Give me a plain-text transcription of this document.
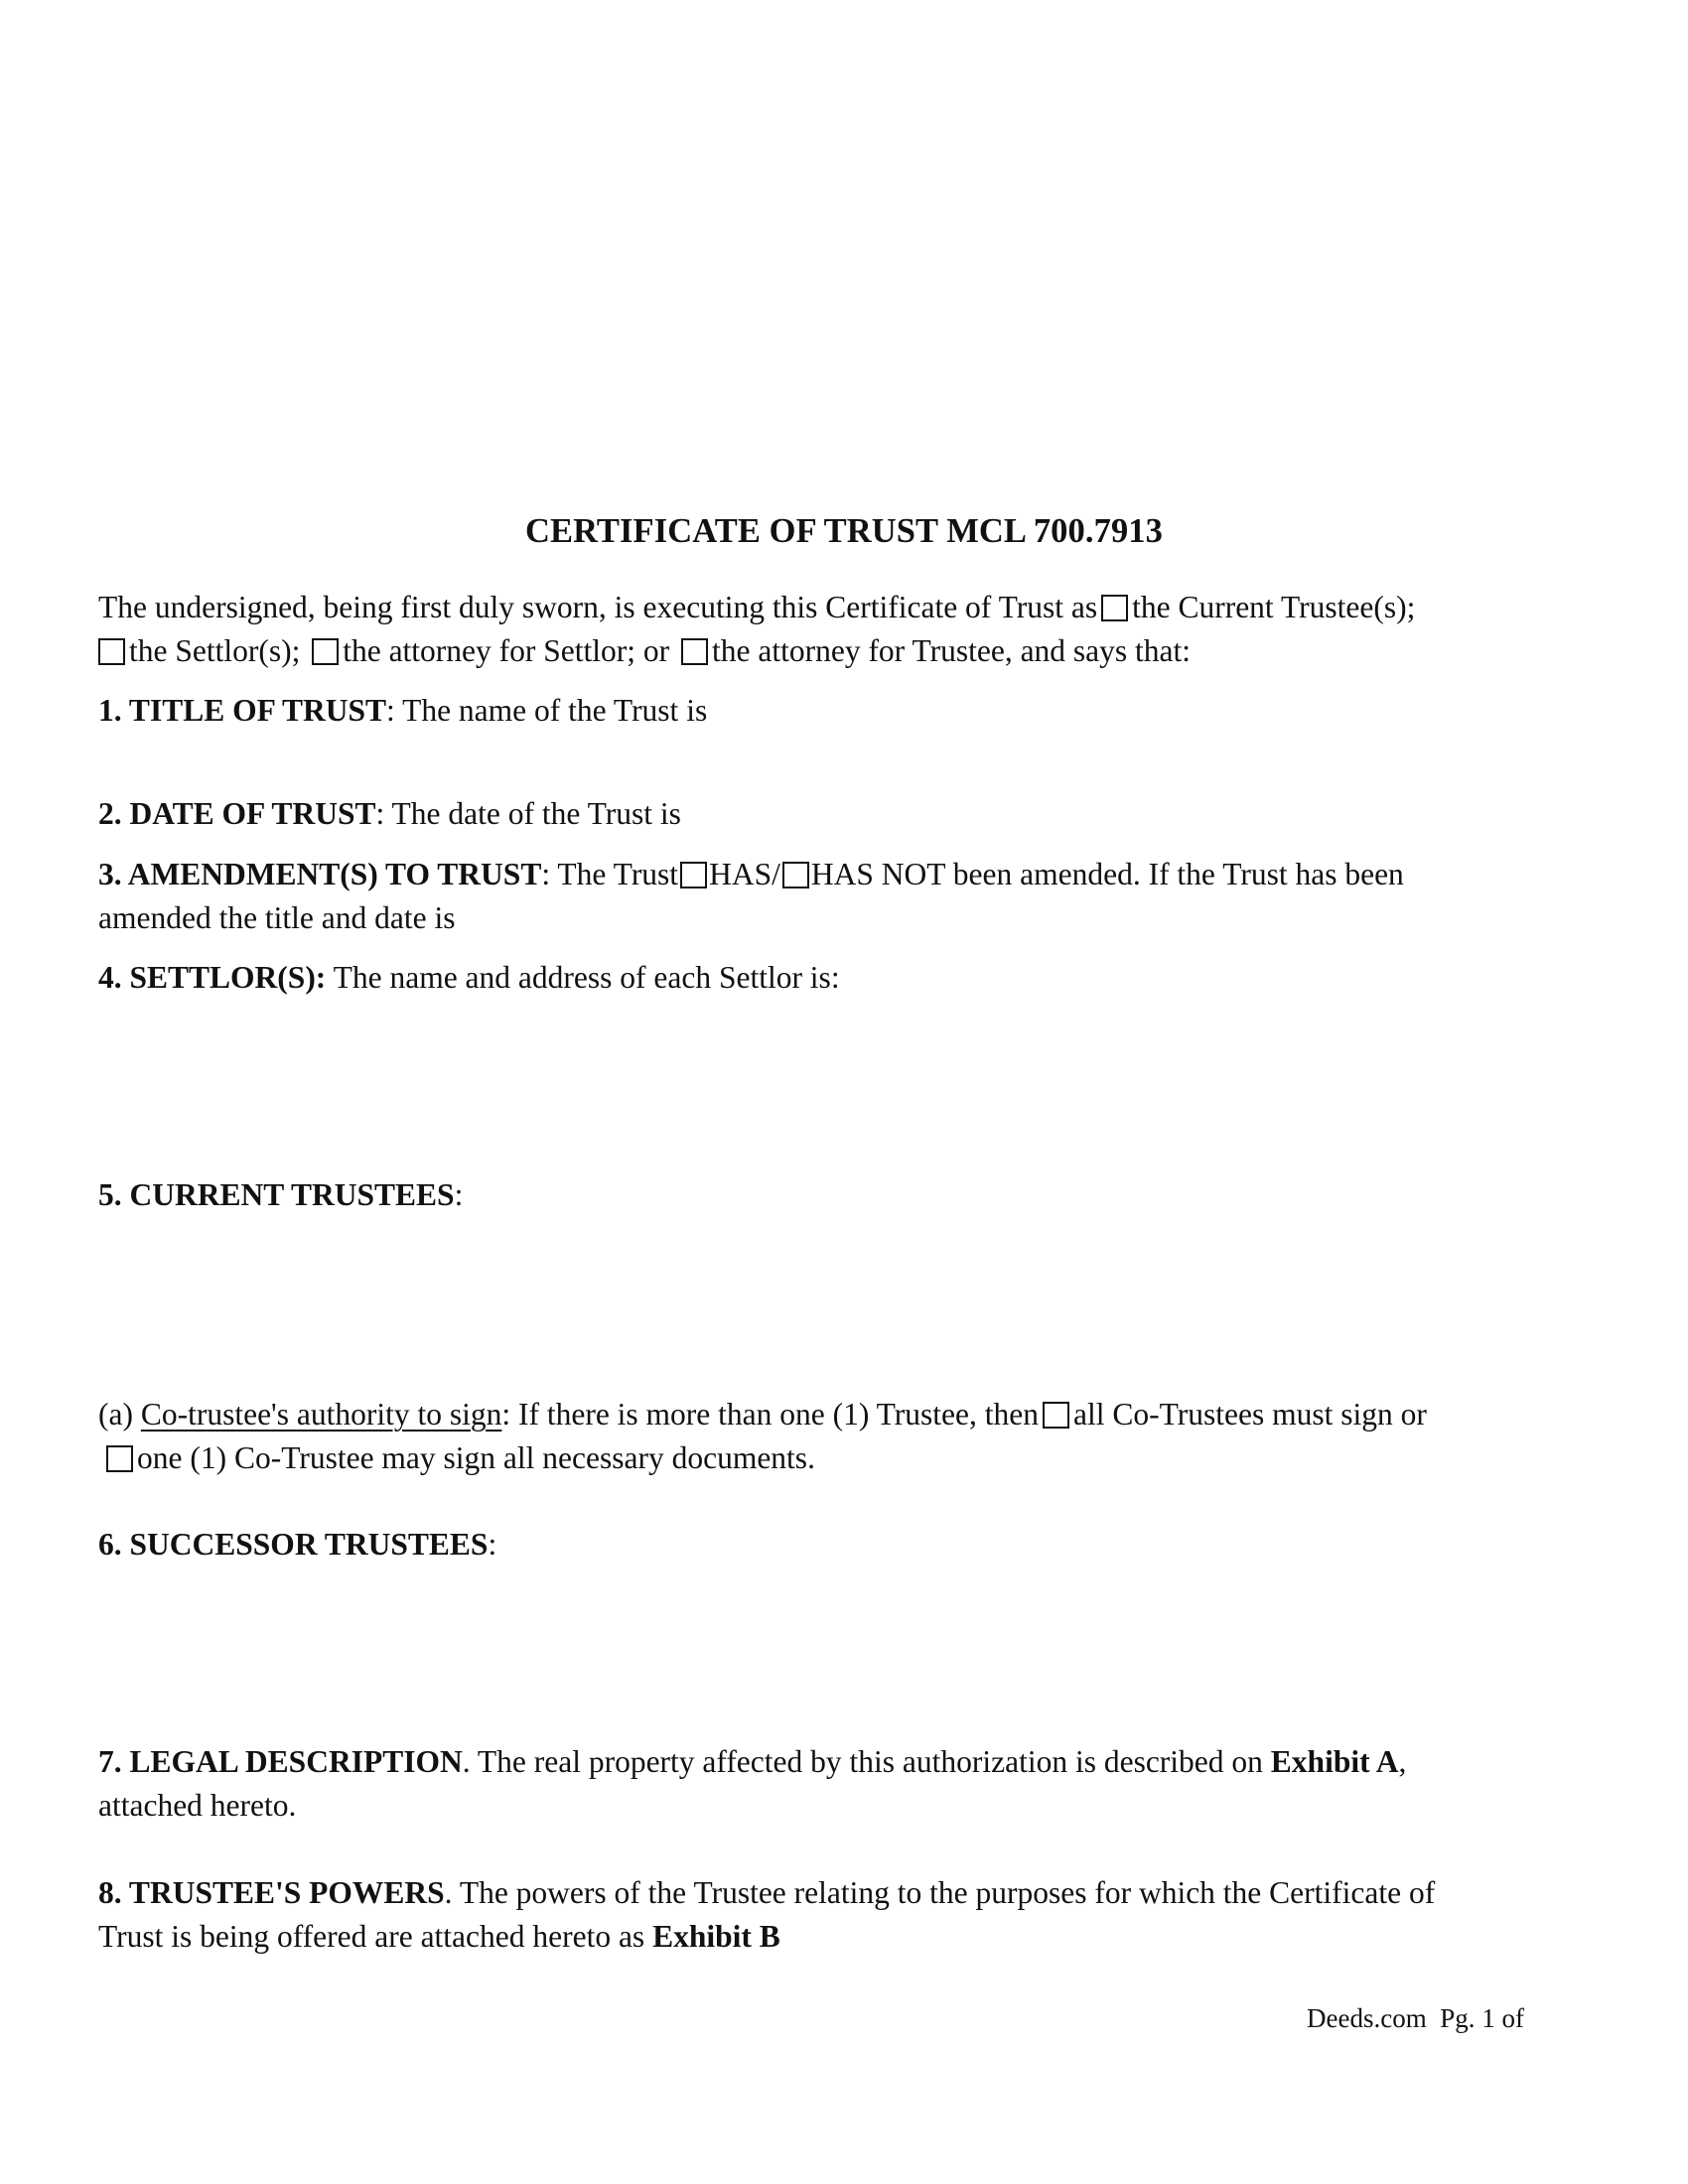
CERTIFICATE OF TRUST MCL 700.7913
The undersigned, being first duly sworn, is executing this Certificate of Trust as the Current Trustee(s);
the Settlor(s); the attorney for Settlor; or the attorney for Trustee, and says that:
1. TITLE OF TRUST: The name of the Trust is
2. DATE OF TRUST: The date of the Trust is
3. AMENDMENT(S) TO TRUST: The Trust HAS/ HAS NOT been amended. If the Trust has been
amended the title and date is
4. SETTLOR(S): The name and address of each Settlor is:
5. CURRENT TRUSTEES:
(a) Co-trustee's authority to sign: If there is more than one (1) Trustee, then all Co-Trustees must sign or
one (1) Co-Trustee may sign all necessary documents.
6. SUCCESSOR TRUSTEES:
7. LEGAL DESCRIPTION. The real property affected by this authorization is described on Exhibit A,
attached hereto.
8. TRUSTEE'S POWERS. The powers of the Trustee relating to the purposes for which the Certificate of
Trust is being offered are attached hereto as Exhibit B
Deeds.com Pg. 1 of
